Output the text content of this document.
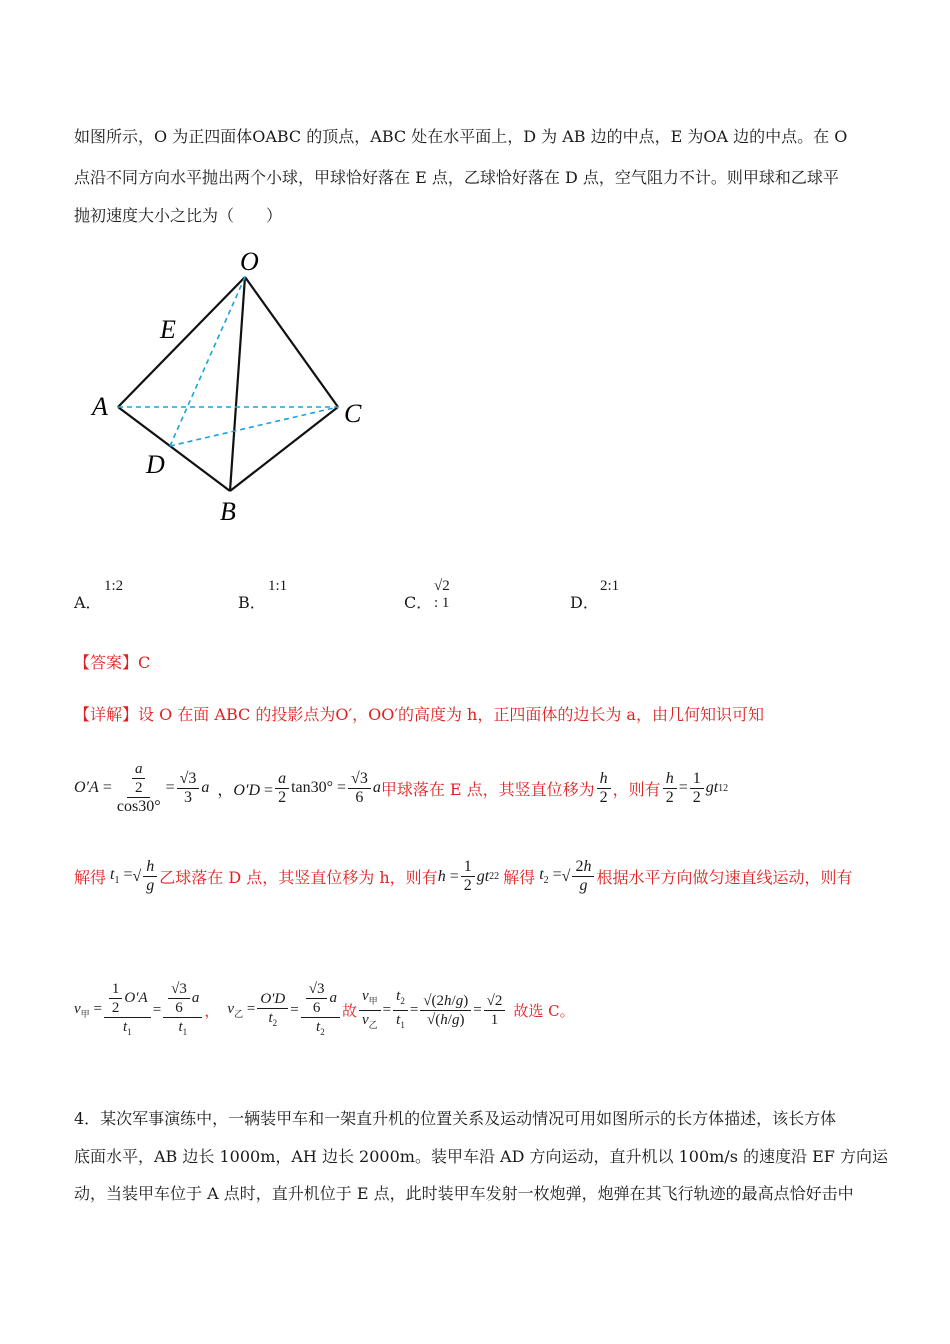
如图所示，O 为正四面体OABC 的顶点，ABC 处在水平面上，D 为 AB 边的中点，E 为OA 边的中点。在 O
点沿不同方向水平抛出两个小球，甲球恰好落在 E 点，乙球恰好落在 D 点，空气阻力不计。则甲球和乙球平
抛初速度大小之比为（　　）
O
E
A	C
D
B
A．
1:2
B．
1:1
C．
√2 : 1	D．
2:1
【答案】C
【详解】设 O 在面 ABC 的投影点为O′，OO′的高度为 h，正四面体的边长为 a，由几何知识可知
$O'A = \frac{\frac{a}{2}}{\cos 30^\circ} = \frac{√3}{3}$ a ，$O'D = \frac{a}{2} \tan 30^\circ = \frac{√3}{6}$ a 甲球落在 E 点，其竖直位移为 $\frac{h}{2}$ ，则有 $\frac{h}{2} = \frac{1}{2}$ gt 1 2
解得 $t_1$ = √ $\frac{h}{g}$ 乙球落在 D 点，其竖直位移为 h，则有 $h = \frac{1}{2}$ gt 2 2 解得 $t_2$ = √ $\frac{2h}{g}$ 根据水平方向做匀速直线运动，则有
$v_甲 = \frac{\frac{1}{2} O'A}{t_1} = \frac{\frac{√3}{6} a}{t_1}$ ， $v_乙 = \frac{O'D}{t_2} = \frac{\frac{√3}{6} a}{t_2}$ 故 $\frac{v_甲}{v_乙} = \frac{t_2}{t_1} = \frac{√(2h/g)}{√(h/g)} = \frac{√2}{1}$ 故选 C。
4．某次军事演练中，一辆装甲车和一架直升机的位置关系及运动情况可用如图所示的长方体描述，该长方体
底面水平，AB 边长 1000m，AH 边长 2000m。装甲车沿 AD 方向运动，直升机以 100m/s 的速度沿 EF 方向运
动，当装甲车位于 A 点时，直升机位于 E 点，此时装甲车发射一枚炮弹，炮弹在其飞行轨迹的最高点恰好击中
